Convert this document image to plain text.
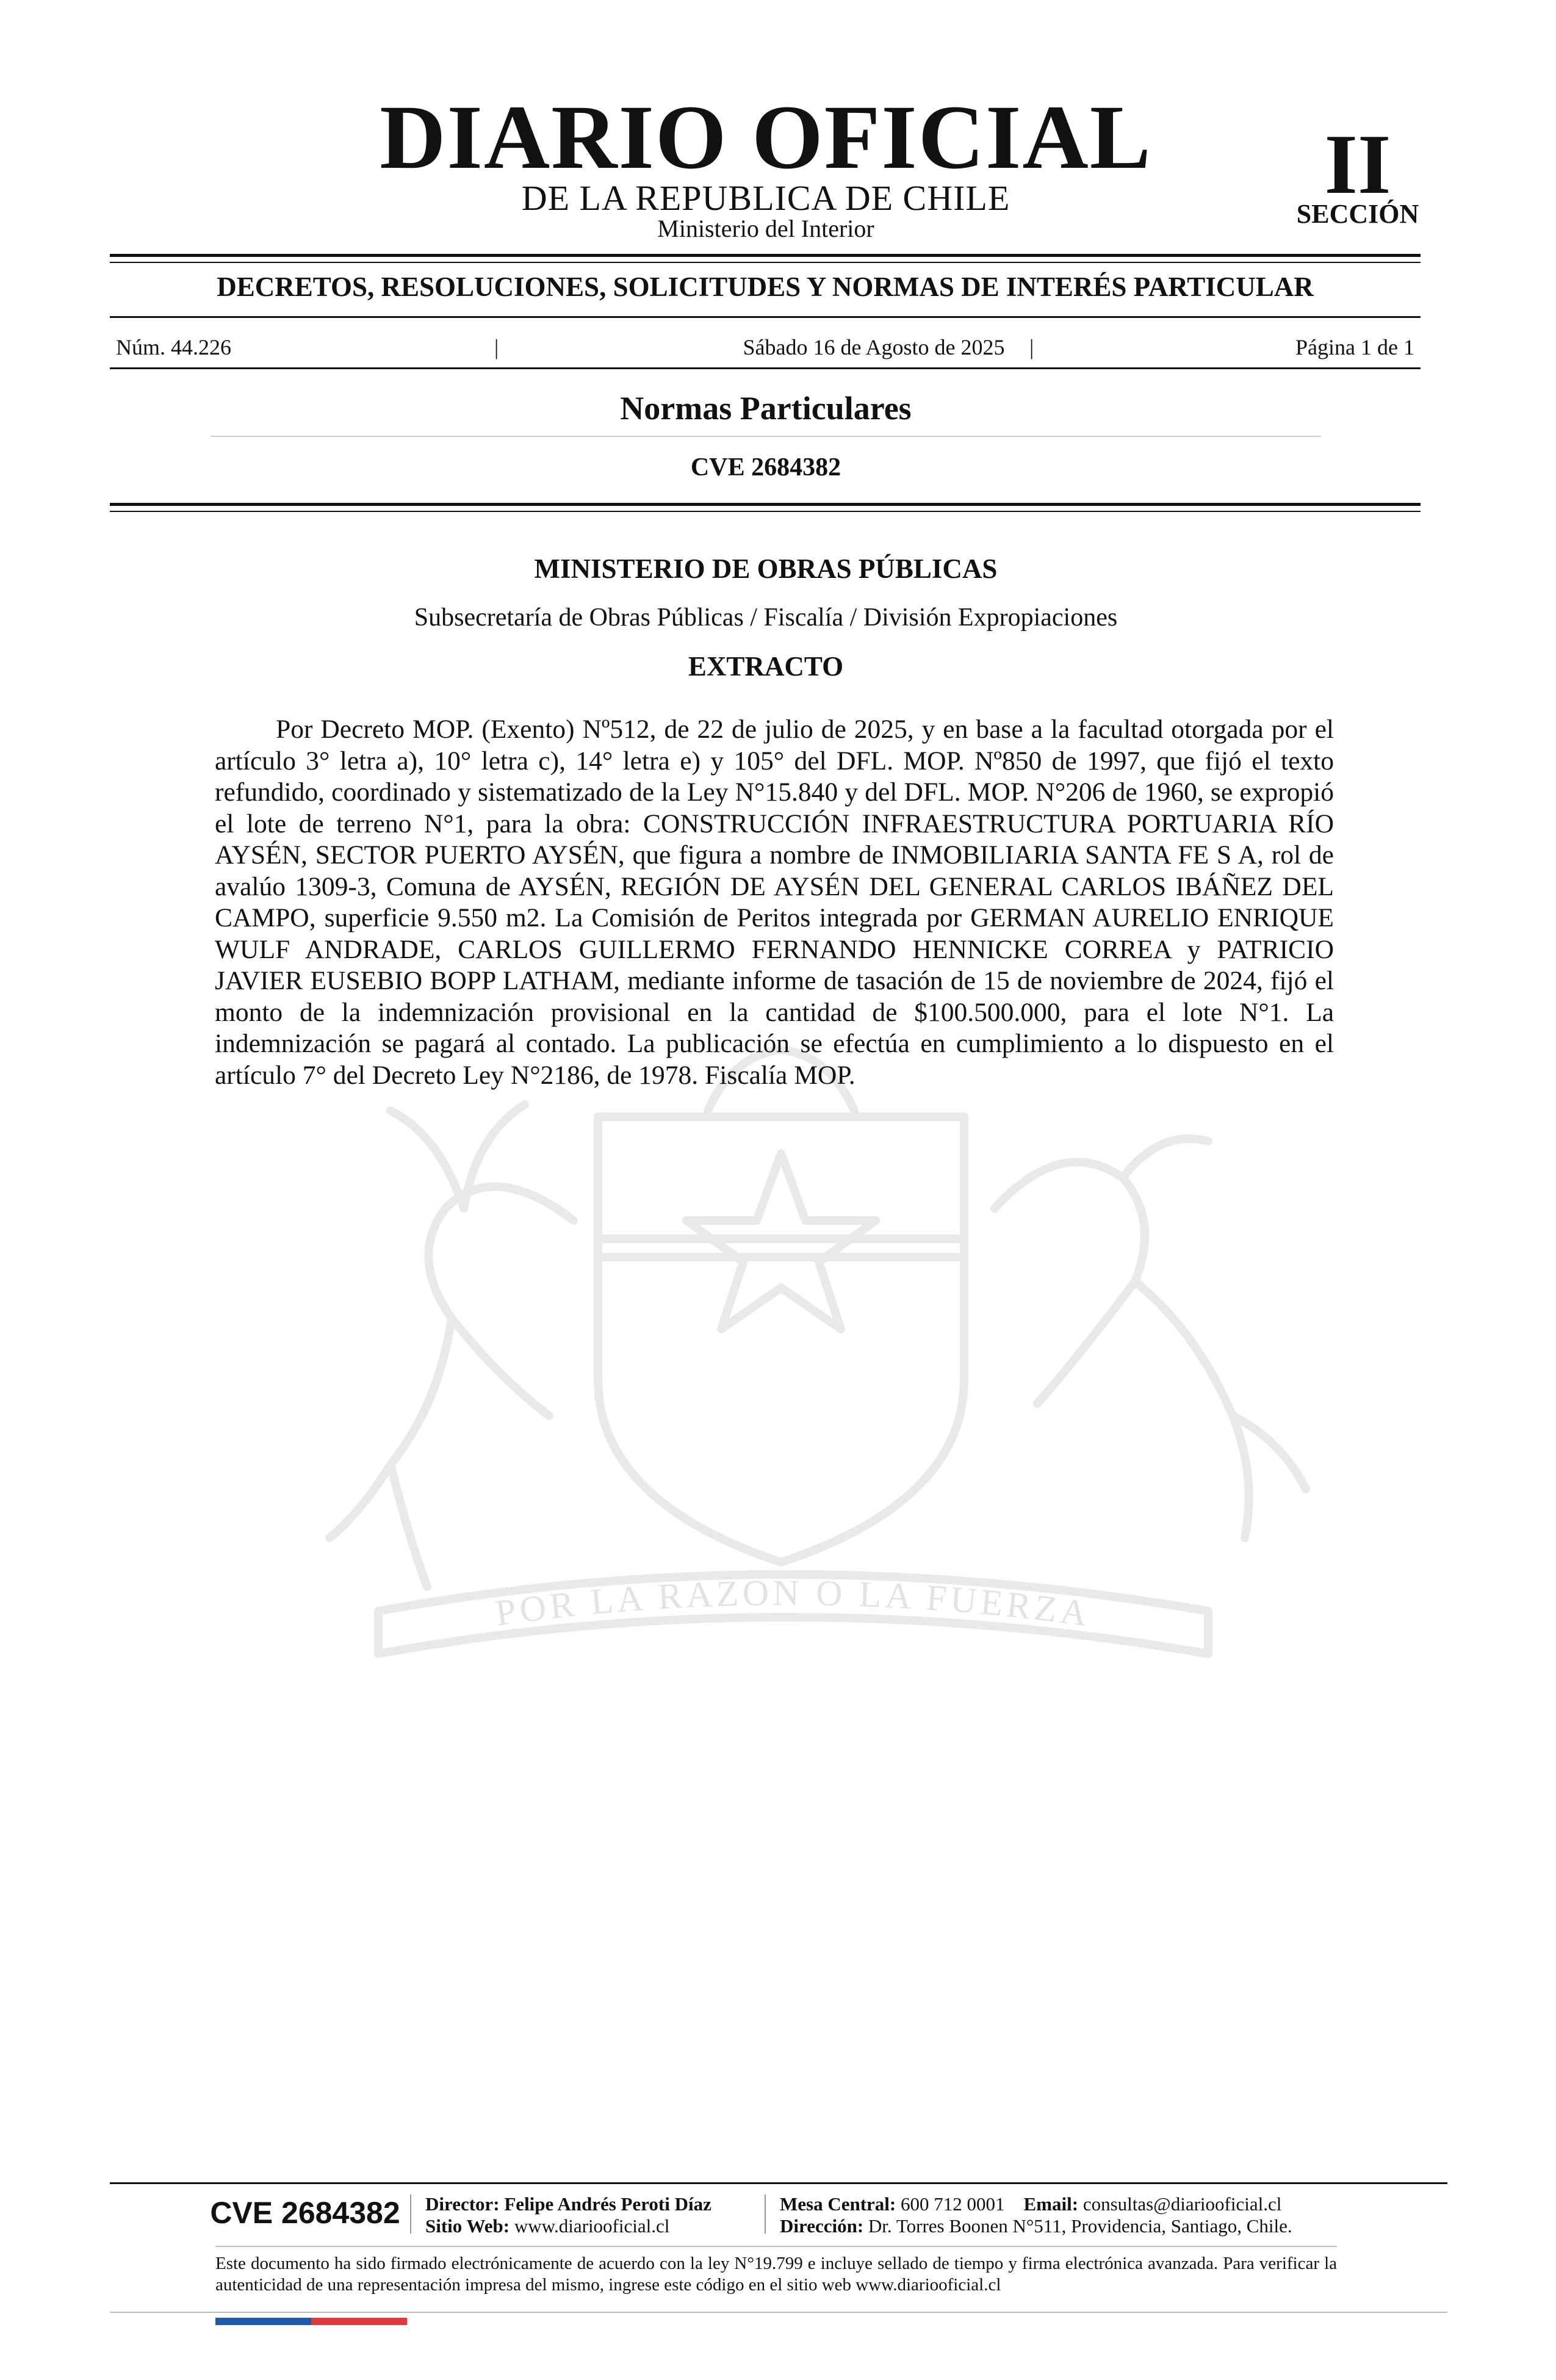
DIARIO OFICIAL
DE LA REPUBLICA DE CHILE
Ministerio del Interior
II
SECCIÓN
DECRETOS, RESOLUCIONES, SOLICITUDES Y NORMAS DE INTERÉS PARTICULAR
Núm. 44.226	|	Sábado 16 de Agosto de 2025	|	Página 1 de 1
Normas Particulares
CVE 2684382
POR LA RAZON O LA FUERZA
MINISTERIO DE OBRAS PÚBLICAS
Subsecretaría de Obras Públicas / Fiscalía / División Expropiaciones
EXTRACTO

Por Decreto MOP. (Exento) Nº512, de 22 de julio de 2025, y en base a la facultad otorgada por el artículo 3° letra a), 10° letra c), 14° letra e) y 105° del DFL. MOP. Nº850 de 1997, que fijó el texto refundido, coordinado y sistematizado de la Ley N°15.840 y del DFL. MOP. N°206 de 1960, se expropió el lote de terreno N°1, para la obra: CONSTRUCCIÓN INFRAESTRUCTURA PORTUARIA RÍO AYSÉN, SECTOR PUERTO AYSÉN, que figura a nombre de INMOBILIARIA SANTA FE S A, rol de avalúo 1309-3, Comuna de AYSÉN, REGIÓN DE AYSÉN DEL GENERAL CARLOS IBÁÑEZ DEL CAMPO, superficie 9.550 m2. La Comisión de Peritos integrada por GERMAN AURELIO ENRIQUE WULF ANDRADE, CARLOS GUILLERMO FERNANDO HENNICKE CORREA y PATRICIO JAVIER EUSEBIO BOPP LATHAM, mediante informe de tasación de 15 de noviembre de 2024, fijó el monto de la indemnización provisional en la cantidad de $100.500.000, para el lote N°1. La indemnización se pagará al contado. La publicación se efectúa en cumplimiento a lo dispuesto en el artículo 7° del Decreto Ley N°2186, de 1978. Fiscalía MOP.

CVE 2684382	Director: Felipe Andrés Peroti Díaz
Sitio Web: www.diariooficial.cl
Mesa Central: 600 712 0001 Email: consultas@diariooficial.cl
Dirección: Dr. Torres Boonen N°511, Providencia, Santiago, Chile.

Este documento ha sido firmado electrónicamente de acuerdo con la ley N°19.799 e incluye sellado de tiempo y firma electrónica avanzada. Para verificar la autenticidad de una representación impresa del mismo, ingrese este código en el sitio web www.diariooficial.cl
